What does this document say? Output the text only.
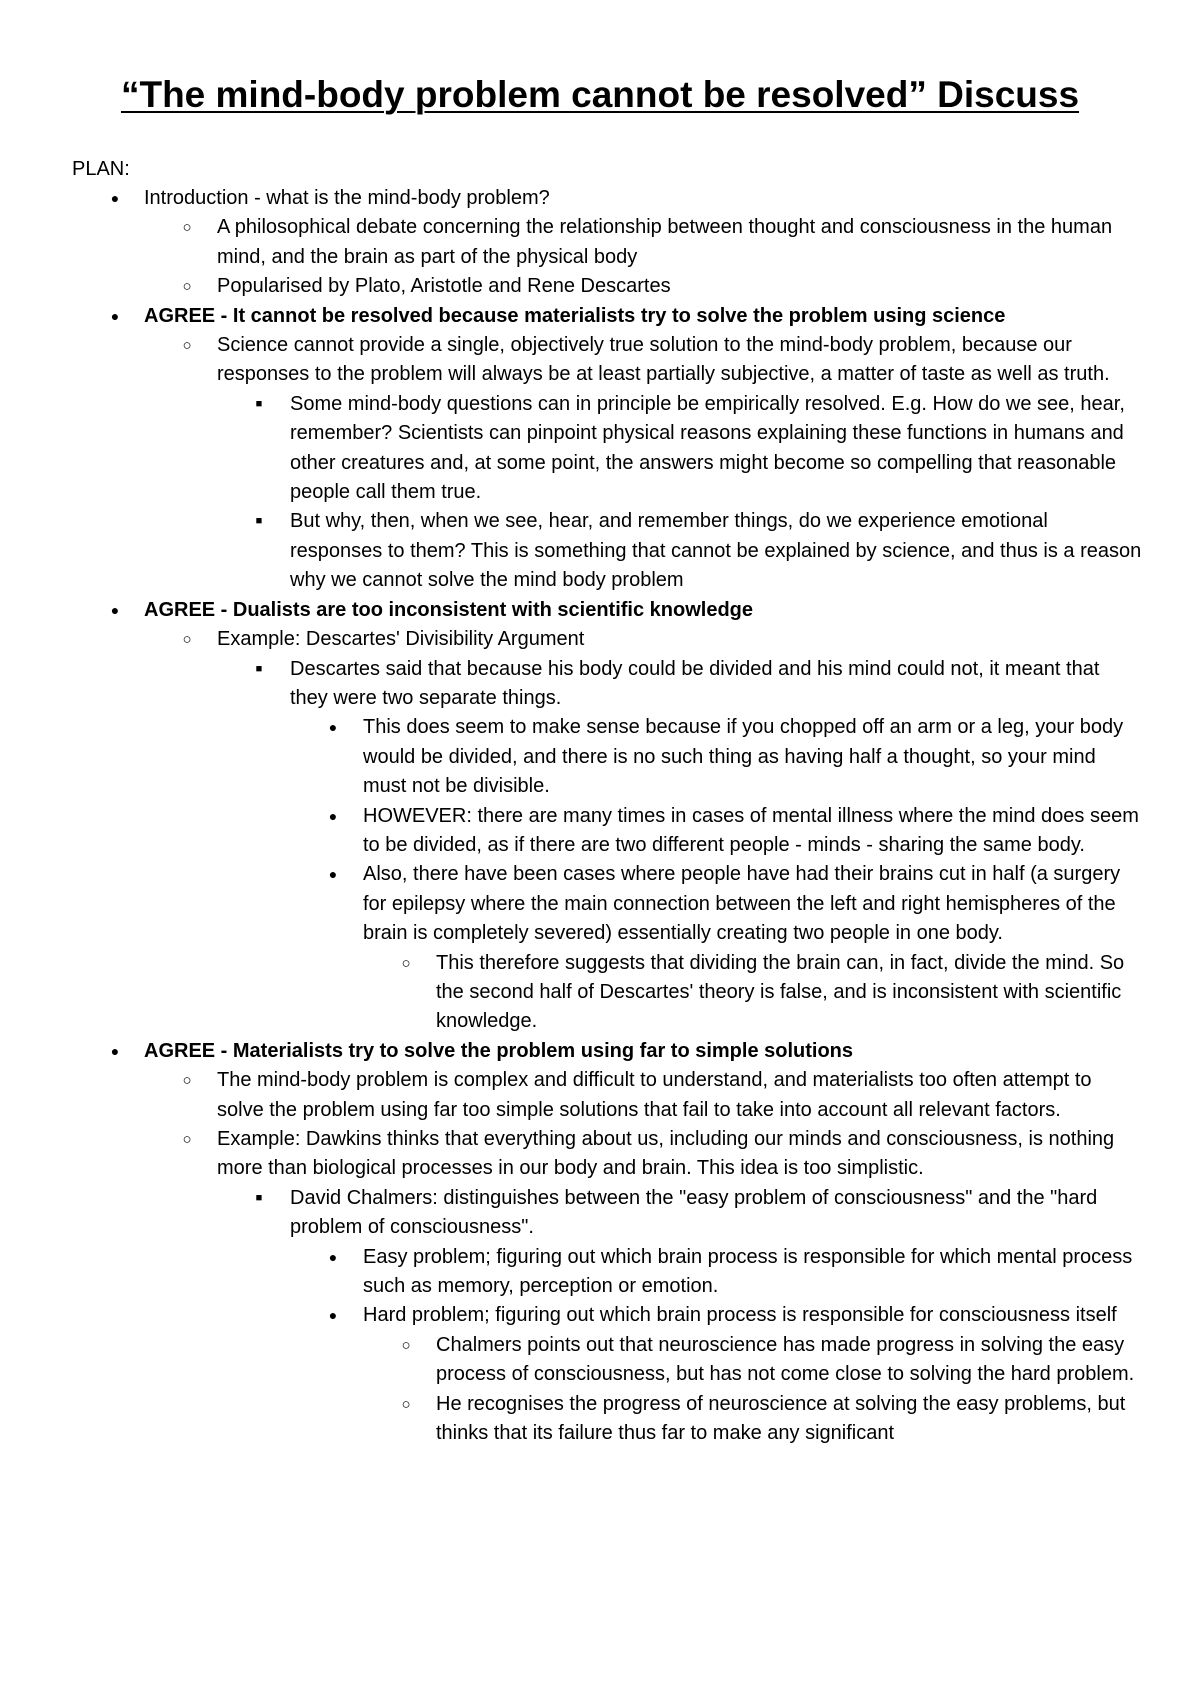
“The mind-body problem cannot be resolved” Discuss
PLAN:
● Introduction - what is the mind-body problem?
○ A philosophical debate concerning the relationship between thought and consciousness in the human mind, and the brain as part of the physical body
○ Popularised by Plato, Aristotle and Rene Descartes
● AGREE - It cannot be resolved because materialists try to solve the problem using science
○ Science cannot provide a single, objectively true solution to the mind-body problem, because our responses to the problem will always be at least partially subjective, a matter of taste as well as truth.
■ Some mind-body questions can in principle be empirically resolved. E.g. How do we see, hear, remember? Scientists can pinpoint physical reasons explaining these functions in humans and other creatures and, at some point, the answers might become so compelling that reasonable people call them true.
■ But why, then, when we see, hear, and remember things, do we experience emotional responses to them? This is something that cannot be explained by science, and thus is a reason why we cannot solve the mind body problem
● AGREE - Dualists are too inconsistent with scientific knowledge
○ Example: Descartes' Divisibility Argument
■ Descartes said that because his body could be divided and his mind could not, it meant that they were two separate things.
● This does seem to make sense because if you chopped off an arm or a leg, your body would be divided, and there is no such thing as having half a thought, so your mind must not be divisible.
● HOWEVER: there are many times in cases of mental illness where the mind does seem to be divided, as if there are two different people - minds - sharing the same body.
● Also, there have been cases where people have had their brains cut in half (a surgery for epilepsy where the main connection between the left and right hemispheres of the brain is completely severed) essentially creating two people in one body.
○ This therefore suggests that dividing the brain can, in fact, divide the mind. So the second half of Descartes' theory is false, and is inconsistent with scientific knowledge.
● AGREE - Materialists try to solve the problem using far to simple solutions
○ The mind-body problem is complex and difficult to understand, and materialists too often attempt to solve the problem using far too simple solutions that fail to take into account all relevant factors.
○ Example: Dawkins thinks that everything about us, including our minds and consciousness, is nothing more than biological processes in our body and brain. This idea is too simplistic.
■ David Chalmers: distinguishes between the "easy problem of consciousness" and the "hard problem of consciousness".
● Easy problem; figuring out which brain process is responsible for which mental process such as memory, perception or emotion.
● Hard problem; figuring out which brain process is responsible for consciousness itself
○ Chalmers points out that neuroscience has made progress in solving the easy process of consciousness, but has not come close to solving the hard problem.
○ He recognises the progress of neuroscience at solving the easy problems, but thinks that its failure thus far to make any significant
